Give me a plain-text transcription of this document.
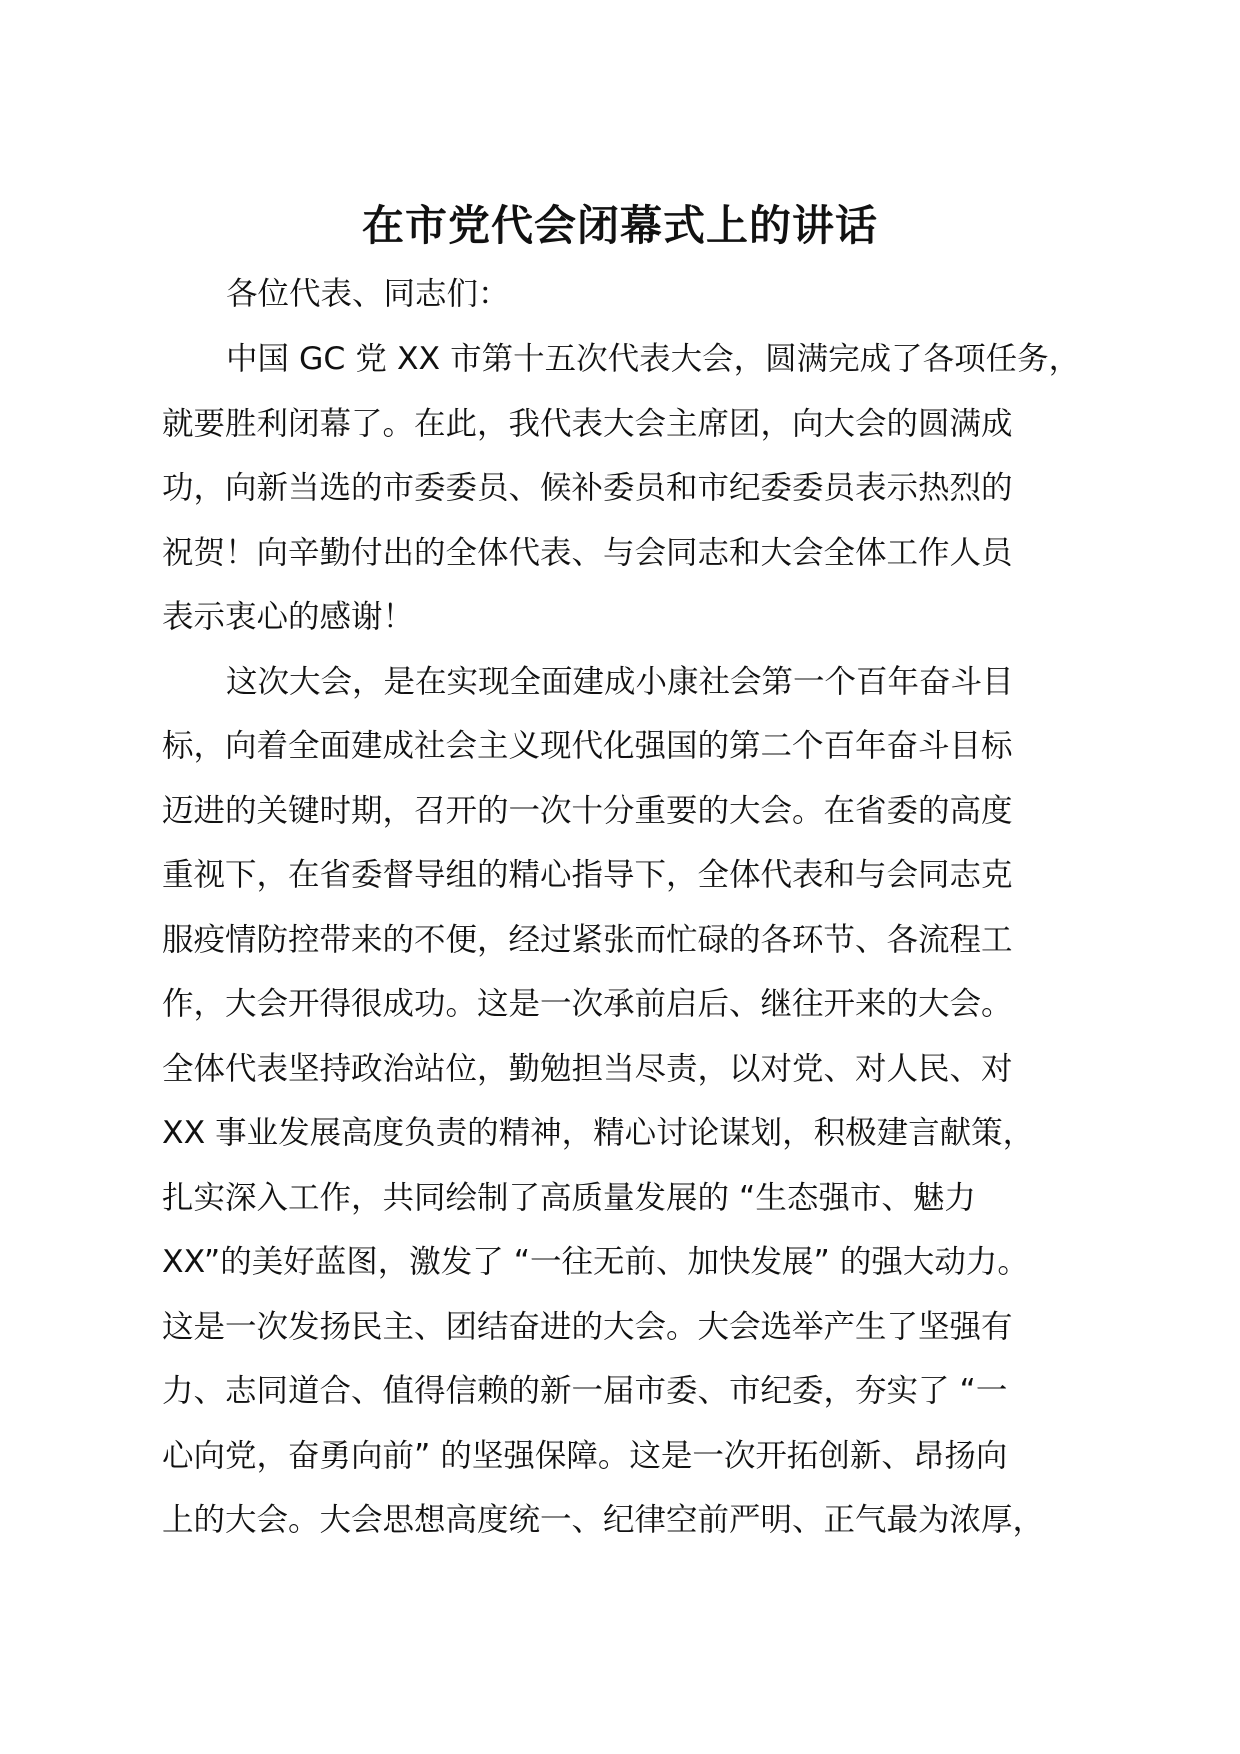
在市党代会闭幕式上的讲话
各位代表、同志们：
中国 GC 党 XX 市第十五次代表大会，圆满完成了各项任务，
就要胜利闭幕了。在此，我代表大会主席团，向大会的圆满成
功，向新当选的市委委员、候补委员和市纪委委员表示热烈的
祝贺！向辛勤付出的全体代表、与会同志和大会全体工作人员
表示衷心的感谢！
这次大会，是在实现全面建成小康社会第一个百年奋斗目
标，向着全面建成社会主义现代化强国的第二个百年奋斗目标
迈进的关键时期，召开的一次十分重要的大会。在省委的高度
重视下，在省委督导组的精心指导下，全体代表和与会同志克
服疫情防控带来的不便，经过紧张而忙碌的各环节、各流程工
作，大会开得很成功。这是一次承前启后、继往开来的大会。
全体代表坚持政治站位，勤勉担当尽责，以对党、对人民、对
XX 事业发展高度负责的精神，精心讨论谋划，积极建言献策，
扎实深入工作，共同绘制了高质量发展的 “生态强市、魅力
XX”的美好蓝图，激发了 “一往无前、加快发展” 的强大动力。
这是一次发扬民主、团结奋进的大会。大会选举产生了坚强有
力、志同道合、值得信赖的新一届市委、市纪委，夯实了 “一
心向党，奋勇向前” 的坚强保障。这是一次开拓创新、昂扬向
上的大会。大会思想高度统一、纪律空前严明、正气最为浓厚，
